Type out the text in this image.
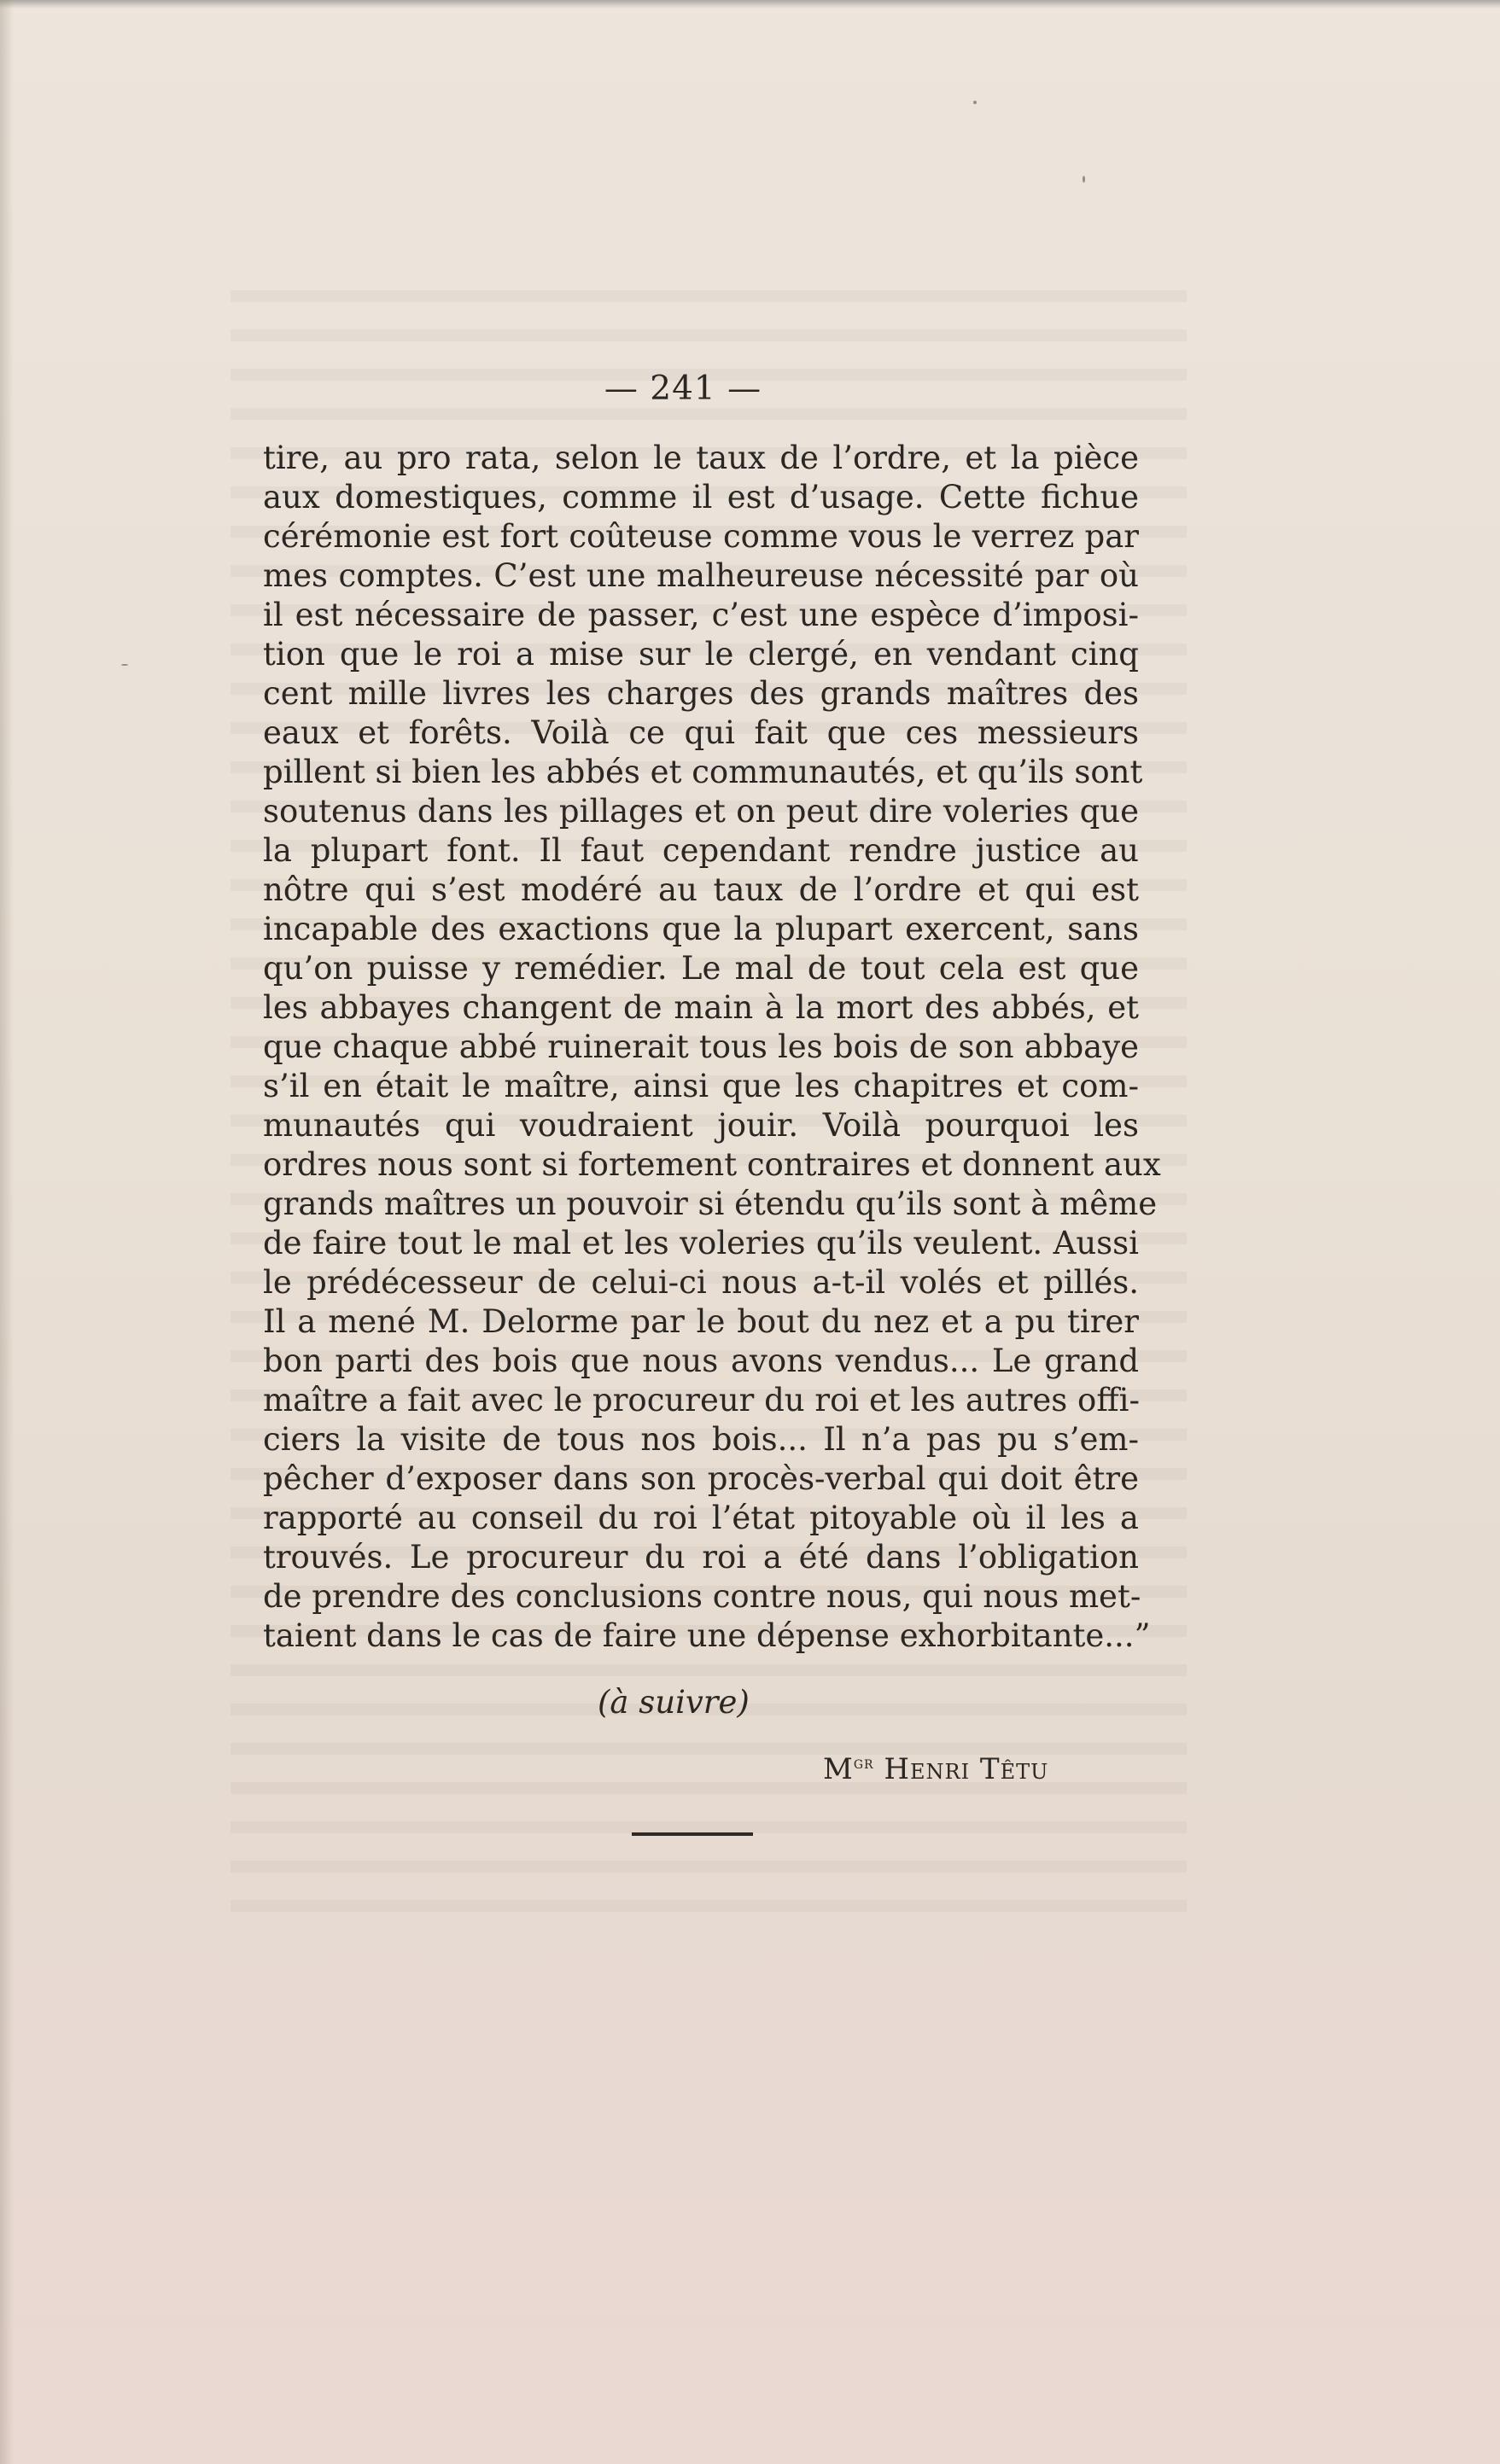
— 241 —
tire, au pro rata, selon le taux de l’ordre, et la pièce
aux domestiques, comme il est d’usage. Cette fichue
cérémonie est fort coûteuse comme vous le verrez par
mes comptes. C’est une malheureuse nécessité par où
il est nécessaire de passer, c’est une espèce d’imposi-
tion que le roi a mise sur le clergé, en vendant cinq
cent mille livres les charges des grands maîtres des
eaux et forêts. Voilà ce qui fait que ces messieurs
pillent si bien les abbés et communautés, et qu’ils sont
soutenus dans les pillages et on peut dire voleries que
la plupart font. Il faut cependant rendre justice au
nôtre qui s’est modéré au taux de l’ordre et qui est
incapable des exactions que la plupart exercent, sans
qu’on puisse y remédier. Le mal de tout cela est que
les abbayes changent de main à la mort des abbés, et
que chaque abbé ruinerait tous les bois de son abbaye
s’il en était le maître, ainsi que les chapitres et com-
munautés qui voudraient jouir. Voilà pourquoi les
ordres nous sont si fortement contraires et donnent aux
grands maîtres un pouvoir si étendu qu’ils sont à même
de faire tout le mal et les voleries qu’ils veulent. Aussi
le prédécesseur de celui-ci nous a-t-il volés et pillés.
Il a mené M. Delorme par le bout du nez et a pu tirer
bon parti des bois que nous avons vendus... Le grand
maître a fait avec le procureur du roi et les autres offi-
ciers la visite de tous nos bois... Il n’a pas pu s’em-
pêcher d’exposer dans son procès-verbal qui doit être
rapporté au conseil du roi l’état pitoyable où il les a
trouvés. Le procureur du roi a été dans l’obligation
de prendre des conclusions contre nous, qui nous met-
taient dans le cas de faire une dépense exhorbitante...”
(à suivre)
$M^{gr}$ Henri Têtu
